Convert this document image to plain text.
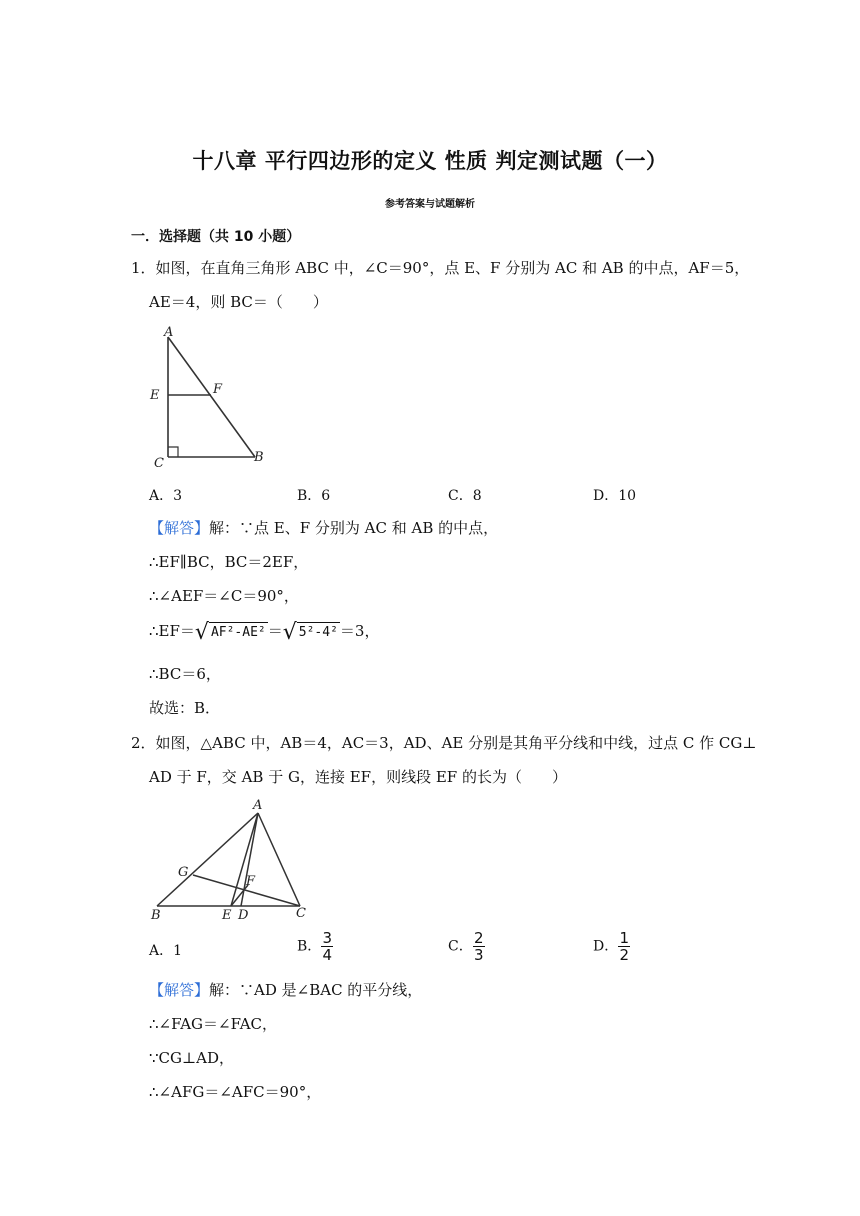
十八章 平行四边形的定义 性质 判定测试题（一）
参考答案与试题解析
一．选择题（共 10 小题）
1．如图，在直角三角形 ABC 中，∠C＝90°，点 E、F 分别为 AC 和 AB 的中点，AF＝5，
AE＝4，则 BC＝（　　）
A
E	F
C	B
A．3	B．6	C．8	D．10
【解答】解：∵点 E、F 分别为 AC 和 AB 的中点，
∴EF∥BC，BC＝2EF，
∴∠AEF＝∠C＝90°，
∴EF＝√ AF²-AE² ＝√ 5²-4² ＝3，
∴BC＝6，
故选：B．
2．如图，△ABC 中，AB＝4，AC＝3，AD、AE 分别是其角平分线和中线，过点 C 作 CG⊥
AD 于 F，交 AB 于 G，连接 EF，则线段 EF 的长为（　　）
A
G
F
B	E D	C
A．1	B． $\frac{3}{4}$	C． $\frac{2}{3}$	D． $\frac{1}{2}$
【解答】解：∵AD 是∠BAC 的平分线，
∴∠FAG＝∠FAC，
∵CG⊥AD，
∴∠AFG＝∠AFC＝90°，
